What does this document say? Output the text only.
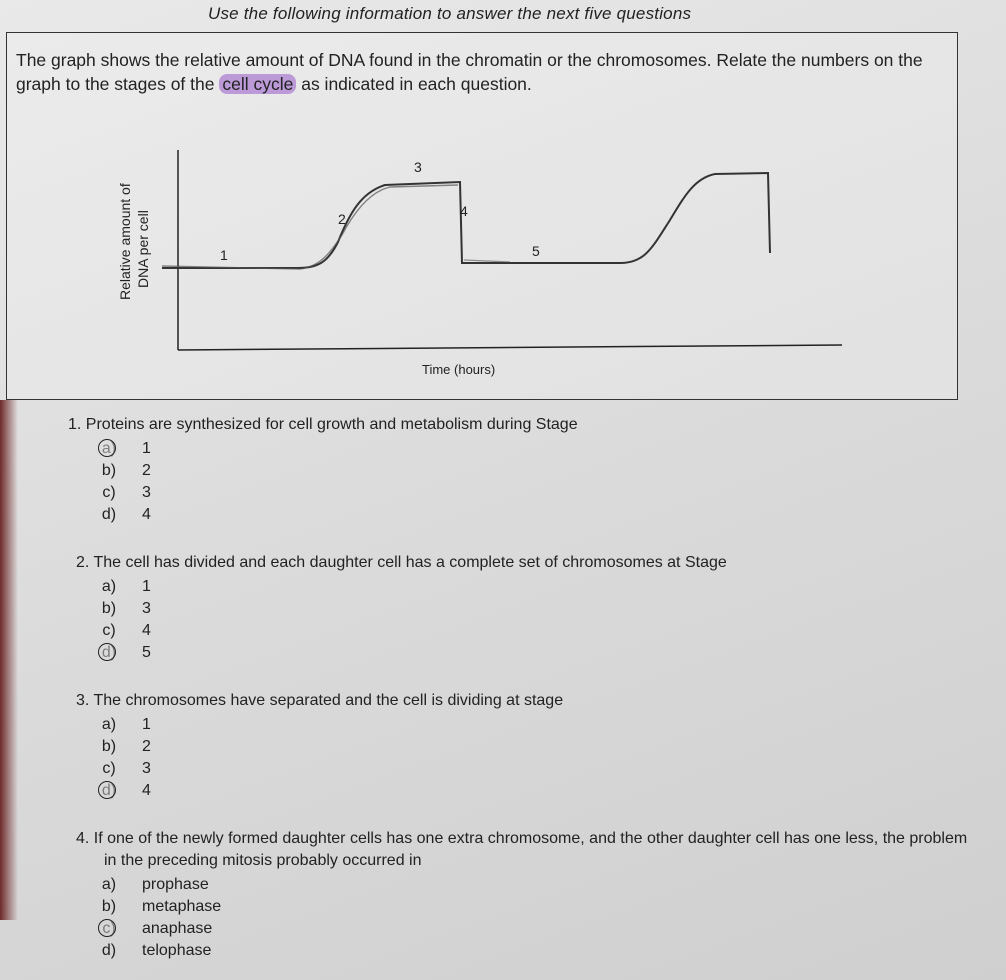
Use the following information to answer the next five questions
The graph shows the relative amount of DNA found in the chromatin or the chromosomes. Relate the numbers on the graph to the stages of the cell cycle as indicated in each question.
Relative amount of DNA per cell	1
2
3
4
5
Time (hours)
1. Proteins are synthesized for cell growth and metabolism during Stage
a) 1
b) 2
c) 3
d) 4
2. The cell has divided and each daughter cell has a complete set of chromosomes at Stage
a) 1
b) 3
c) 4
d) 5
3. The chromosomes have separated and the cell is dividing at stage
a) 1
b) 2
c) 3
d) 4
4. If one of the newly formed daughter cells has one extra chromosome, and the other daughter cell has one less, the problem in the preceding mitosis probably occurred in
a) prophase
b) metaphase
c) anaphase
d) telophase
